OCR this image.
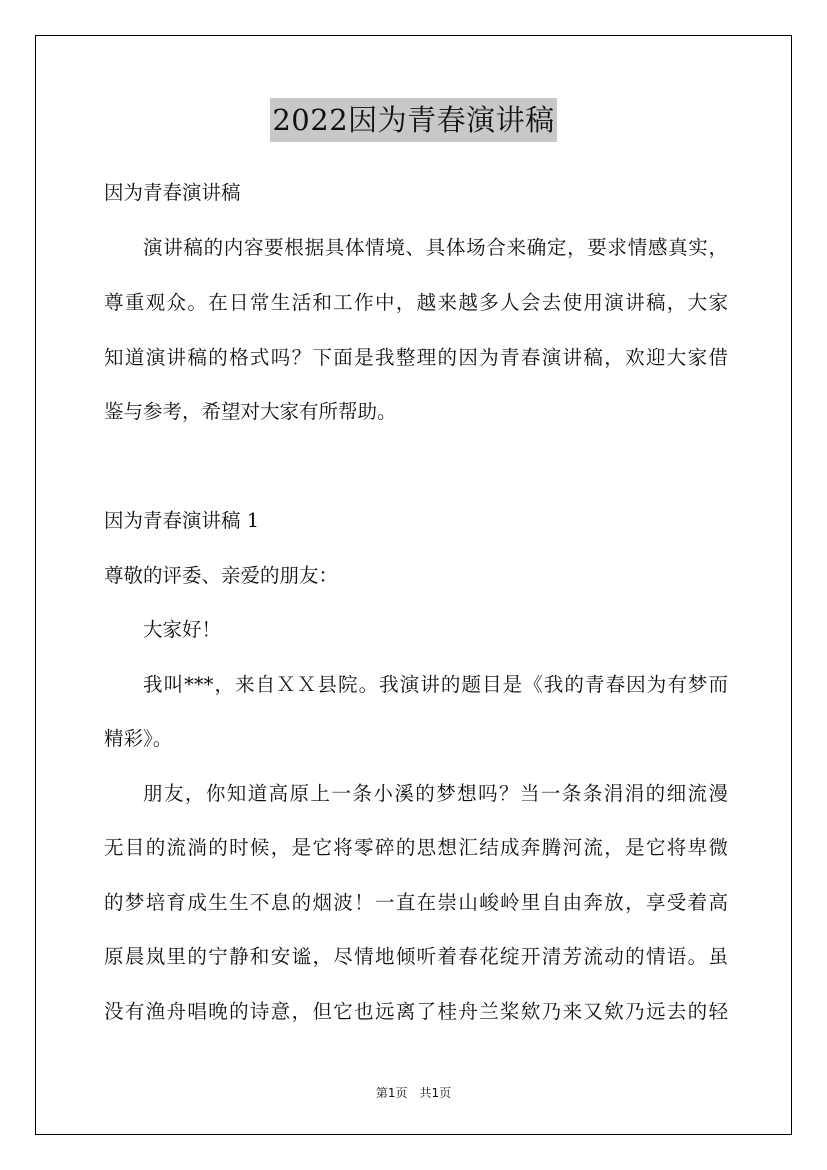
2022因为青春演讲稿
因为青春演讲稿
演讲稿的内容要根据具体情境、具体场合来确定，要求情感真实，
尊重观众。在日常生活和工作中，越来越多人会去使用演讲稿，大家
知道演讲稿的格式吗？下面是我整理的因为青春演讲稿，欢迎大家借
鉴与参考，希望对大家有所帮助。
因为青春演讲稿 1
尊敬的评委、亲爱的朋友：
大家好！
我叫***，来自ＸＸ县院。我演讲的题目是《我的青春因为有梦而
精彩》。
朋友，你知道高原上一条小溪的梦想吗？当一条条涓涓的细流漫
无目的流淌的时候，是它将零碎的思想汇结成奔腾河流，是它将卑微
的梦培育成生生不息的烟波！一直在崇山峻岭里自由奔放，享受着高
原晨岚里的宁静和安谧，尽情地倾听着春花绽开清芳流动的情语。虽
没有渔舟唱晚的诗意，但它也远离了桂舟兰桨欸乃来又欸乃远去的轻
第1页　共1页
